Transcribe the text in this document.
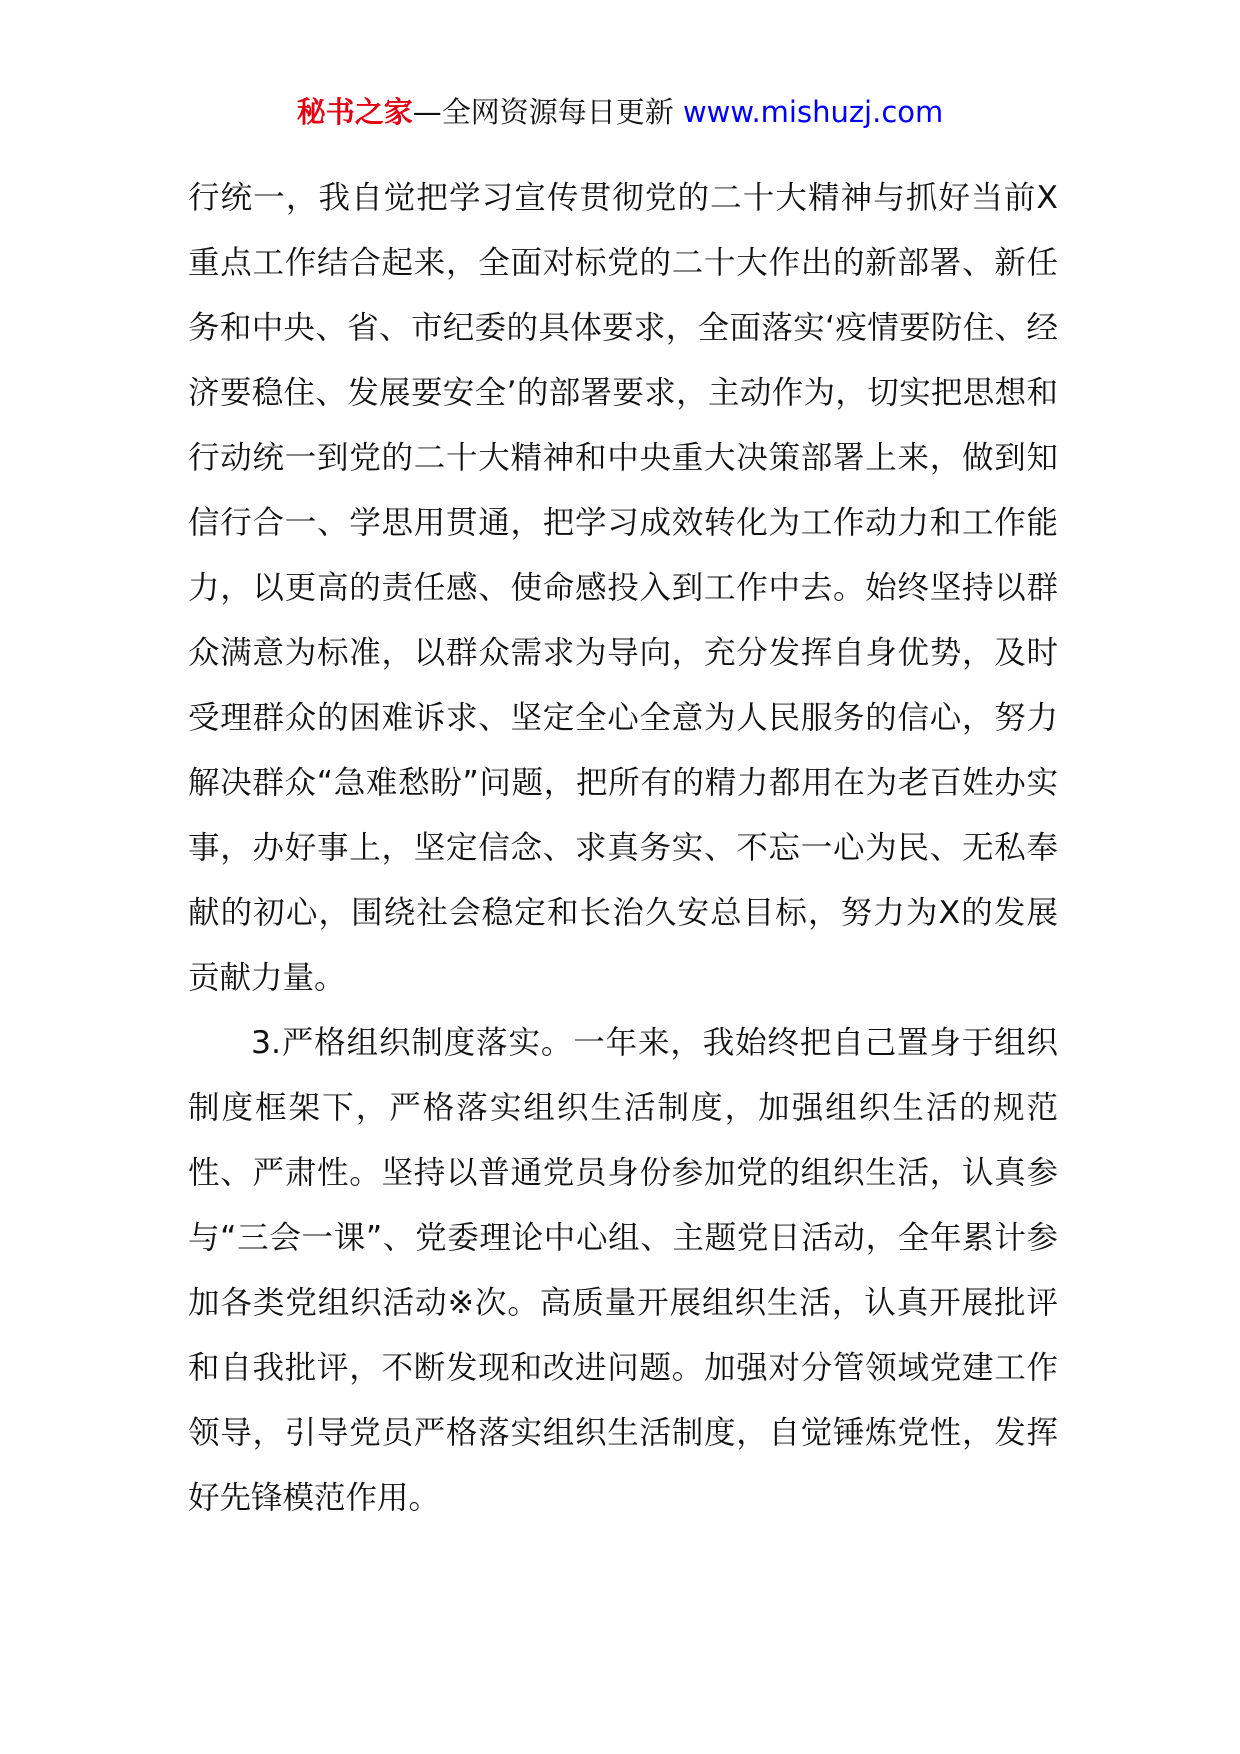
秘书之家—全网资源每日更新 www.mishuzj.com

行统一，我自觉把学习宣传贯彻党的二十大精神与抓好当前X重点工作结合起来，全面对标党的二十大作出的新部署、新任务和中央、省、市纪委的具体要求，全面落实‘疫情要防住、经济要稳住、发展要安全’的部署要求，主动作为，切实把思想和行动统一到党的二十大精神和中央重大决策部署上来，做到知信行合一、学思用贯通，把学习成效转化为工作动力和工作能力，以更高的责任感、使命感投入到工作中去。始终坚持以群众满意为标准，以群众需求为导向，充分发挥自身优势，及时受理群众的困难诉求、坚定全心全意为人民服务的信心，努力解决群众“急难愁盼”问题，把所有的精力都用在为老百姓办实事，办好事上，坚定信念、求真务实、不忘一心为民、无私奉献的初心，围绕社会稳定和长治久安总目标，努力为X的发展贡献力量。

3.严格组织制度落实。一年来，我始终把自己置身于组织制度框架下，严格落实组织生活制度，加强组织生活的规范性、严肃性。坚持以普通党员身份参加党的组织生活，认真参与“三会一课”、党委理论中心组、主题党日活动，全年累计参加各类党组织活动※次。高质量开展组织生活，认真开展批评和自我批评，不断发现和改进问题。加强对分管领域党建工作领导，引导党员严格落实组织生活制度，自觉锤炼党性，发挥好先锋模范作用。
